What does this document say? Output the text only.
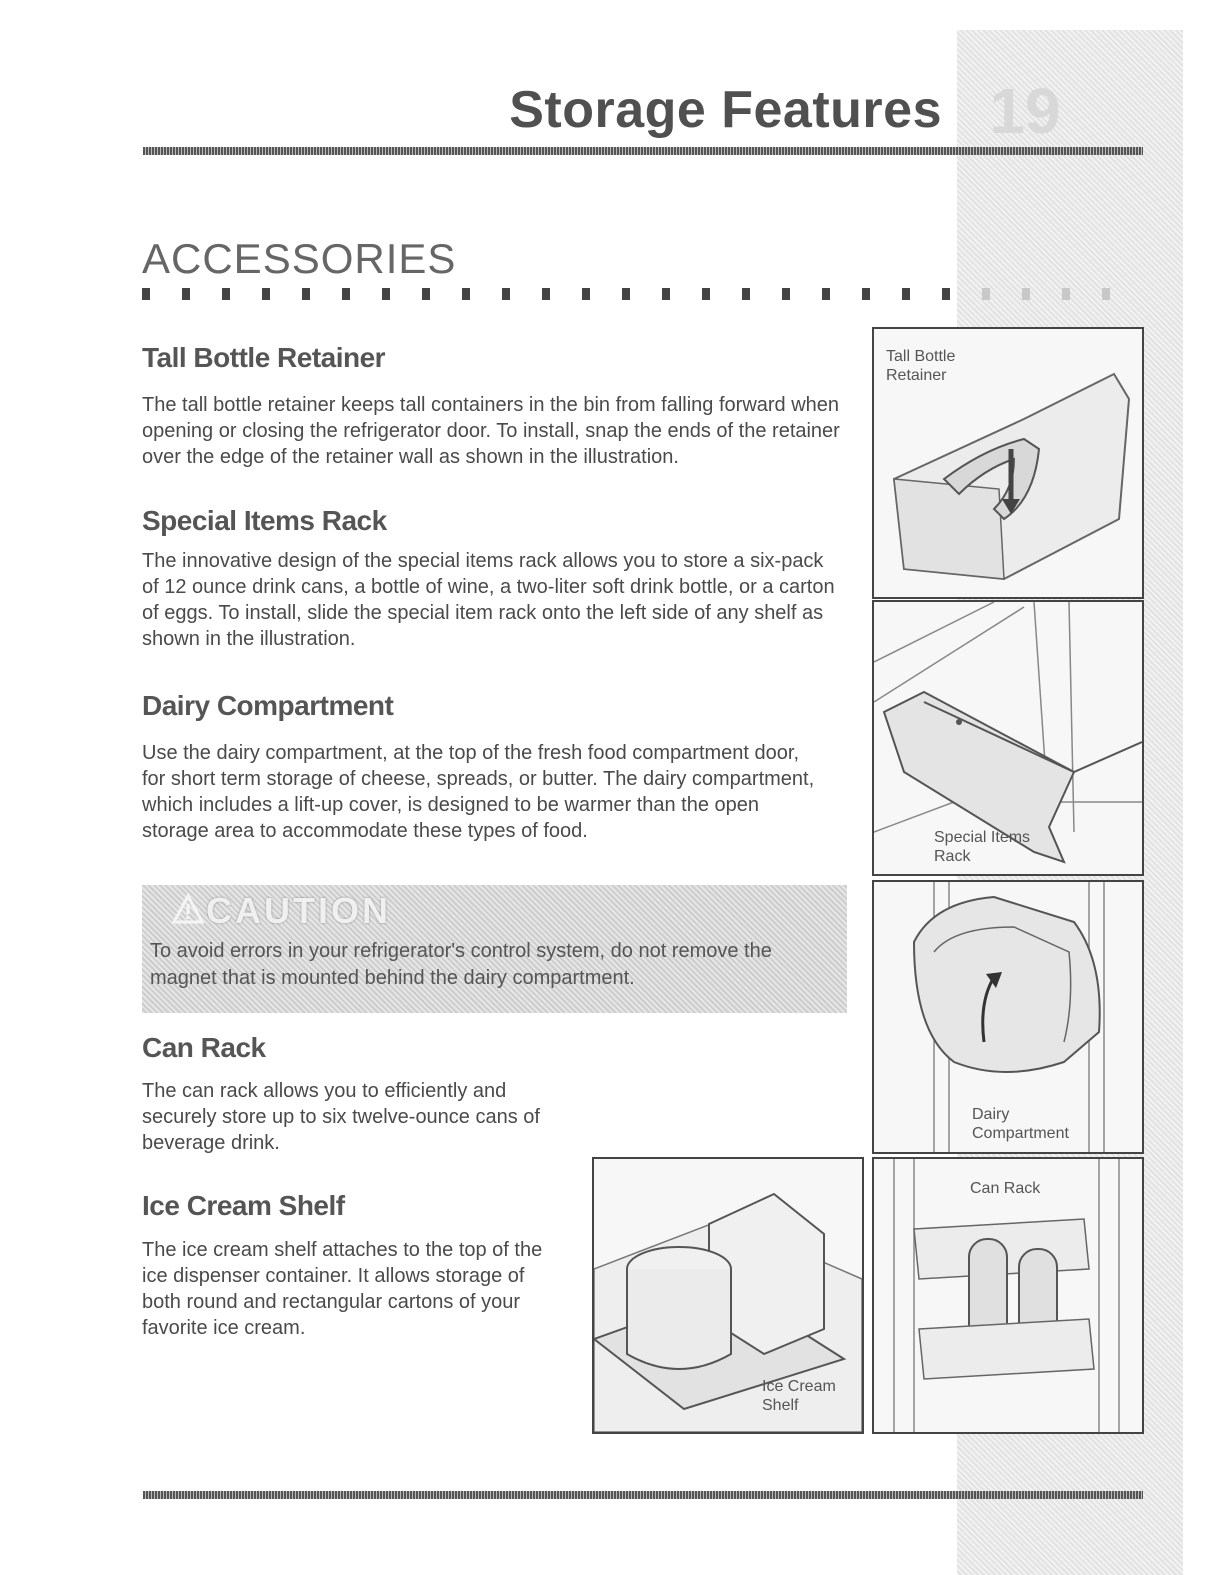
Storage Features 19
ACCESSORIES
Tall Bottle Retainer

The tall bottle retainer keeps tall containers in the bin from falling forward when opening or closing the refrigerator door. To install, snap the ends of the retainer over the edge of the retainer wall as shown in the illustration.

Special Items Rack

The innovative design of the special items rack allows you to store a six-pack of 12 ounce drink cans, a bottle of wine, a two-liter soft drink bottle, or a carton of eggs. To install, slide the special item rack onto the left side of any shelf as shown in the illustration.

Dairy Compartment

Use the dairy compartment, at the top of the fresh food compartment door, for short term storage of cheese, spreads, or butter. The dairy compartment, which includes a lift-up cover, is designed to be warmer than the open storage area to accommodate these types of food.

CAUTION

To avoid errors in your refrigerator's control system, do not remove the magnet that is mounted behind the dairy compartment.

Can Rack

The can rack allows you to efficiently and securely store up to six twelve-ounce cans of beverage drink.

Ice Cream Shelf

The ice cream shelf attaches to the top of the ice dispenser container. It allows storage of both round and rectangular cartons of your favorite ice cream.

Tall Bottle Retainer

Special Items Rack

Dairy Compartment

Can Rack

Ice Cream Shelf
